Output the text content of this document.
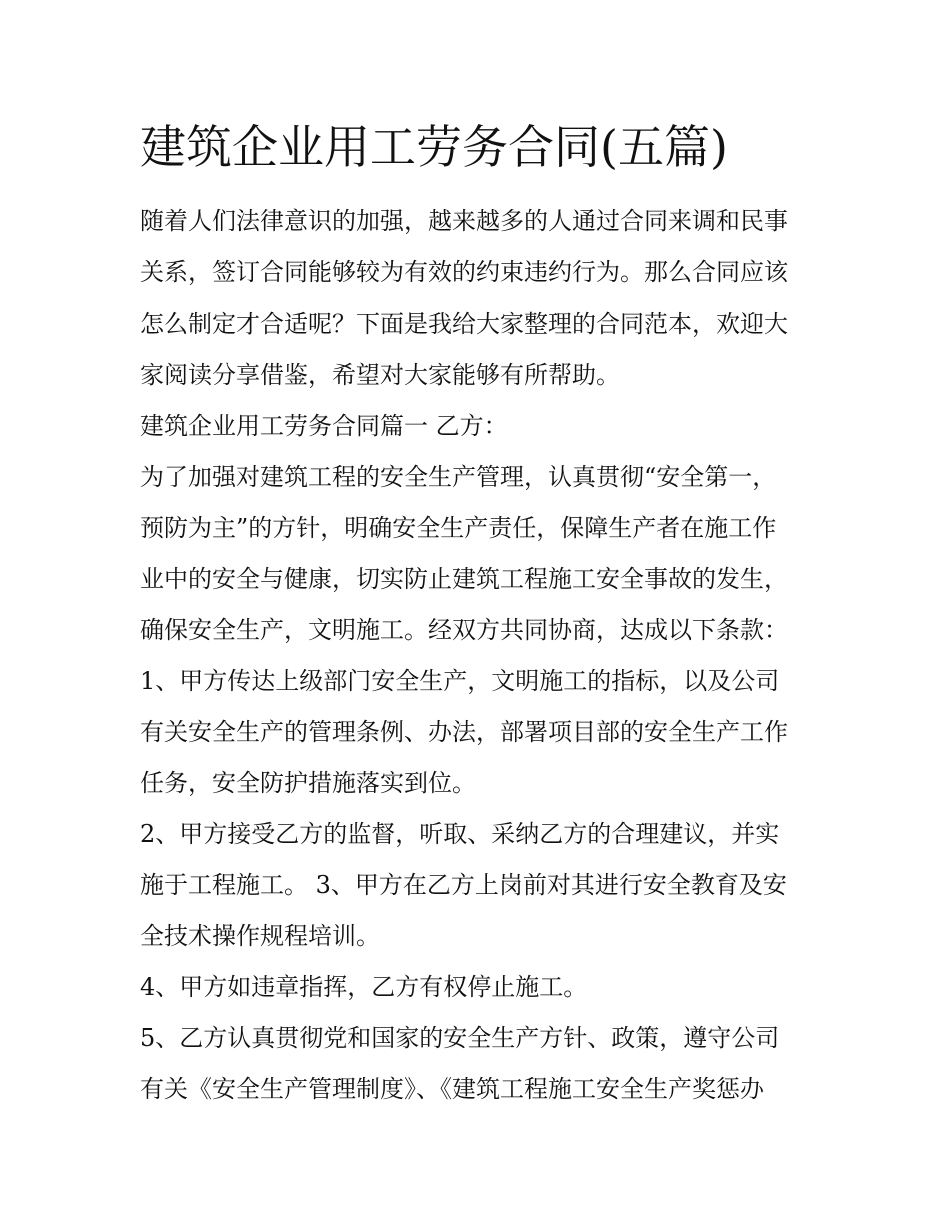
建筑企业用工劳务合同(五篇)

随着人们法律意识的加强，越来越多的人通过合同来调和民事

关系，签订合同能够较为有效的约束违约行为。那么合同应该

怎么制定才合适呢？下面是我给大家整理的合同范本，欢迎大

家阅读分享借鉴，希望对大家能够有所帮助。

建筑企业用工劳务合同篇一 乙方：

为了加强对建筑工程的安全生产管理，认真贯彻“安全第一，

预防为主”的方针，明确安全生产责任，保障生产者在施工作

业中的安全与健康，切实防止建筑工程施工安全事故的发生，

确保安全生产，文明施工。经双方共同协商，达成以下条款：

1、甲方传达上级部门安全生产，文明施工的指标，以及公司

有关安全生产的管理条例、办法，部署项目部的安全生产工作

任务，安全防护措施落实到位。

2、甲方接受乙方的监督，听取、采纳乙方的合理建议，并实

施于工程施工。 3、甲方在乙方上岗前对其进行安全教育及安

全技术操作规程培训。

4、甲方如违章指挥，乙方有权停止施工。

5、乙方认真贯彻党和国家的安全生产方针、政策，遵守公司

有关《安全生产管理制度》、《建筑工程施工安全生产奖惩办
